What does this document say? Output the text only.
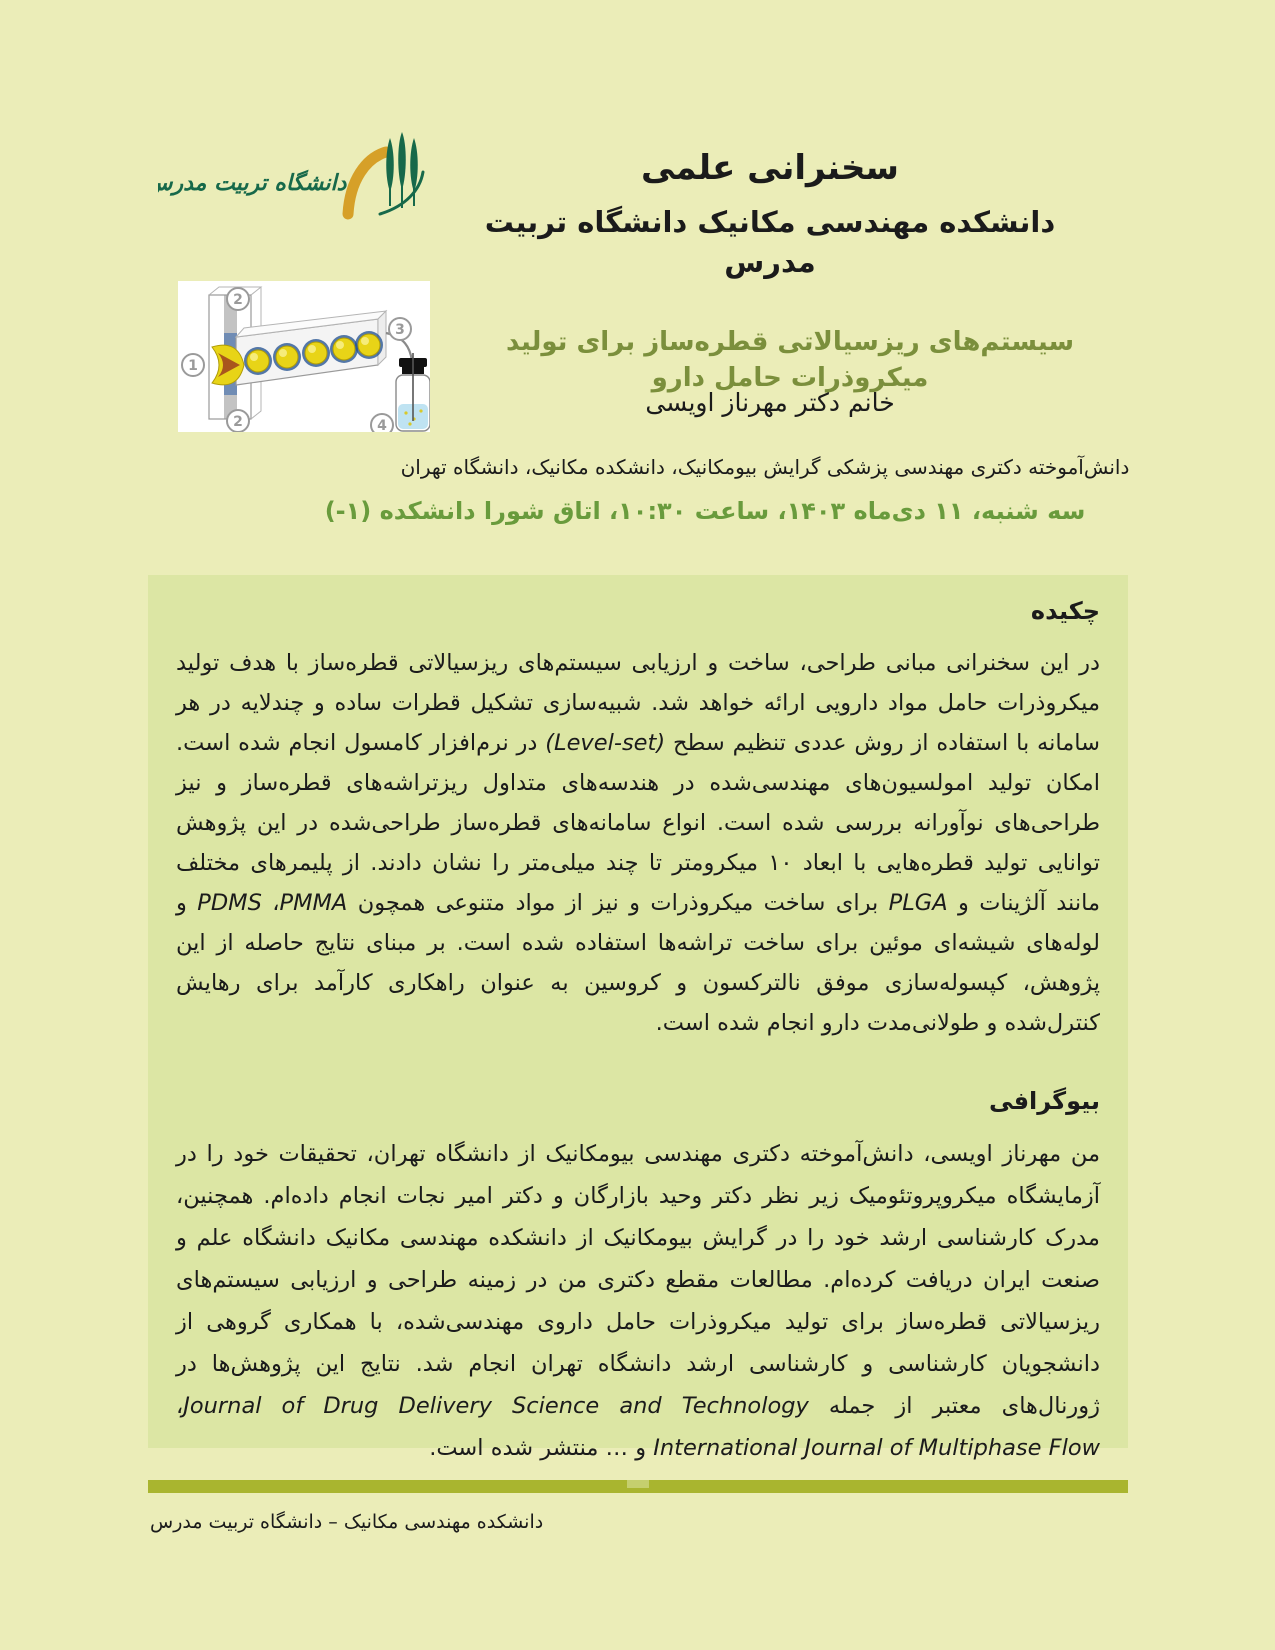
دانشگاه تربیت مدرس	سخنرانی علمی
دانشکده مهندسی مکانیک دانشگاه تربیت مدرس
2
1
2
3
4
سیستم‌های ریزسیالاتی قطره‌ساز برای تولید میکروذرات حامل دارو
خانم دکتر مهرناز اویسی
دانش‌آموخته دکتری مهندسی پزشکی گرایش بیومکانیک، دانشکده مکانیک، دانشگاه تهران
سه شنبه، ۱۱ دی‌ماه ۱۴۰۳، ساعت ۱۰:۳۰، اتاق شورا دانشکده (-۱)
چکیده

در این سخنرانی مبانی طراحی، ساخت و ارزیابی سیستم‌های ریزسیالاتی قطره‌ساز با هدف تولید میکروذرات حامل مواد دارویی ارائه خواهد شد. شبیه‌سازی تشکیل قطرات ساده و چندلایه در هر سامانه با استفاده از روش عددی تنظیم سطح (Level-set) در نرم‌افزار کامسول انجام شده است. امکان تولید امولسیون‌های مهندسی‌شده در هندسه‌های متداول ریزتراشه‌های قطره‌ساز و نیز طراحی‌های نوآورانه بررسی شده است. انواع سامانه‌های قطره‌ساز طراحی‌شده در این پژوهش توانایی تولید قطره‌هایی با ابعاد ۱۰ میکرومتر تا چند میلی‌متر را نشان دادند. از پلیمرهای مختلف مانند آلژینات و PLGA برای ساخت میکروذرات و نیز از مواد متنوعی همچون PMMA، PDMS و لوله‌های شیشه‌ای موئین برای ساخت تراشه‌ها استفاده شده است. بر مبنای نتایج حاصله از این پژوهش، کپسوله‌سازی موفق نالترکسون و کروسین به عنوان راهکاری کارآمد برای رهایش کنترل‌شده و طولانی‌مدت دارو انجام شده است.

بیوگرافی

من مهرناز اویسی، دانش‌آموخته دکتری مهندسی بیومکانیک از دانشگاه تهران، تحقیقات خود را در آزمایشگاه میکروپروتئومیک زیر نظر دکتر وحید بازارگان و دکتر امیر نجات انجام داده‌ام. همچنین، مدرک کارشناسی ارشد خود را در گرایش بیومکانیک از دانشکده مهندسی مکانیک دانشگاه علم و صنعت ایران دریافت کرده‌ام. مطالعات مقطع دکتری من در زمینه طراحی و ارزیابی سیستم‌های ریزسیالاتی قطره‌ساز برای تولید میکروذرات حامل داروی مهندسی‌شده، با همکاری گروهی از دانشجویان کارشناسی و کارشناسی ارشد دانشگاه تهران انجام شد. نتایج این پژوهش‌ها در ژورنال‌های معتبر از جمله Journal of Drug Delivery Science and Technology، International Journal of Multiphase Flow و … منتشر شده است.

دانشکده مهندسی مکانیک – دانشگاه تربیت مدرس
